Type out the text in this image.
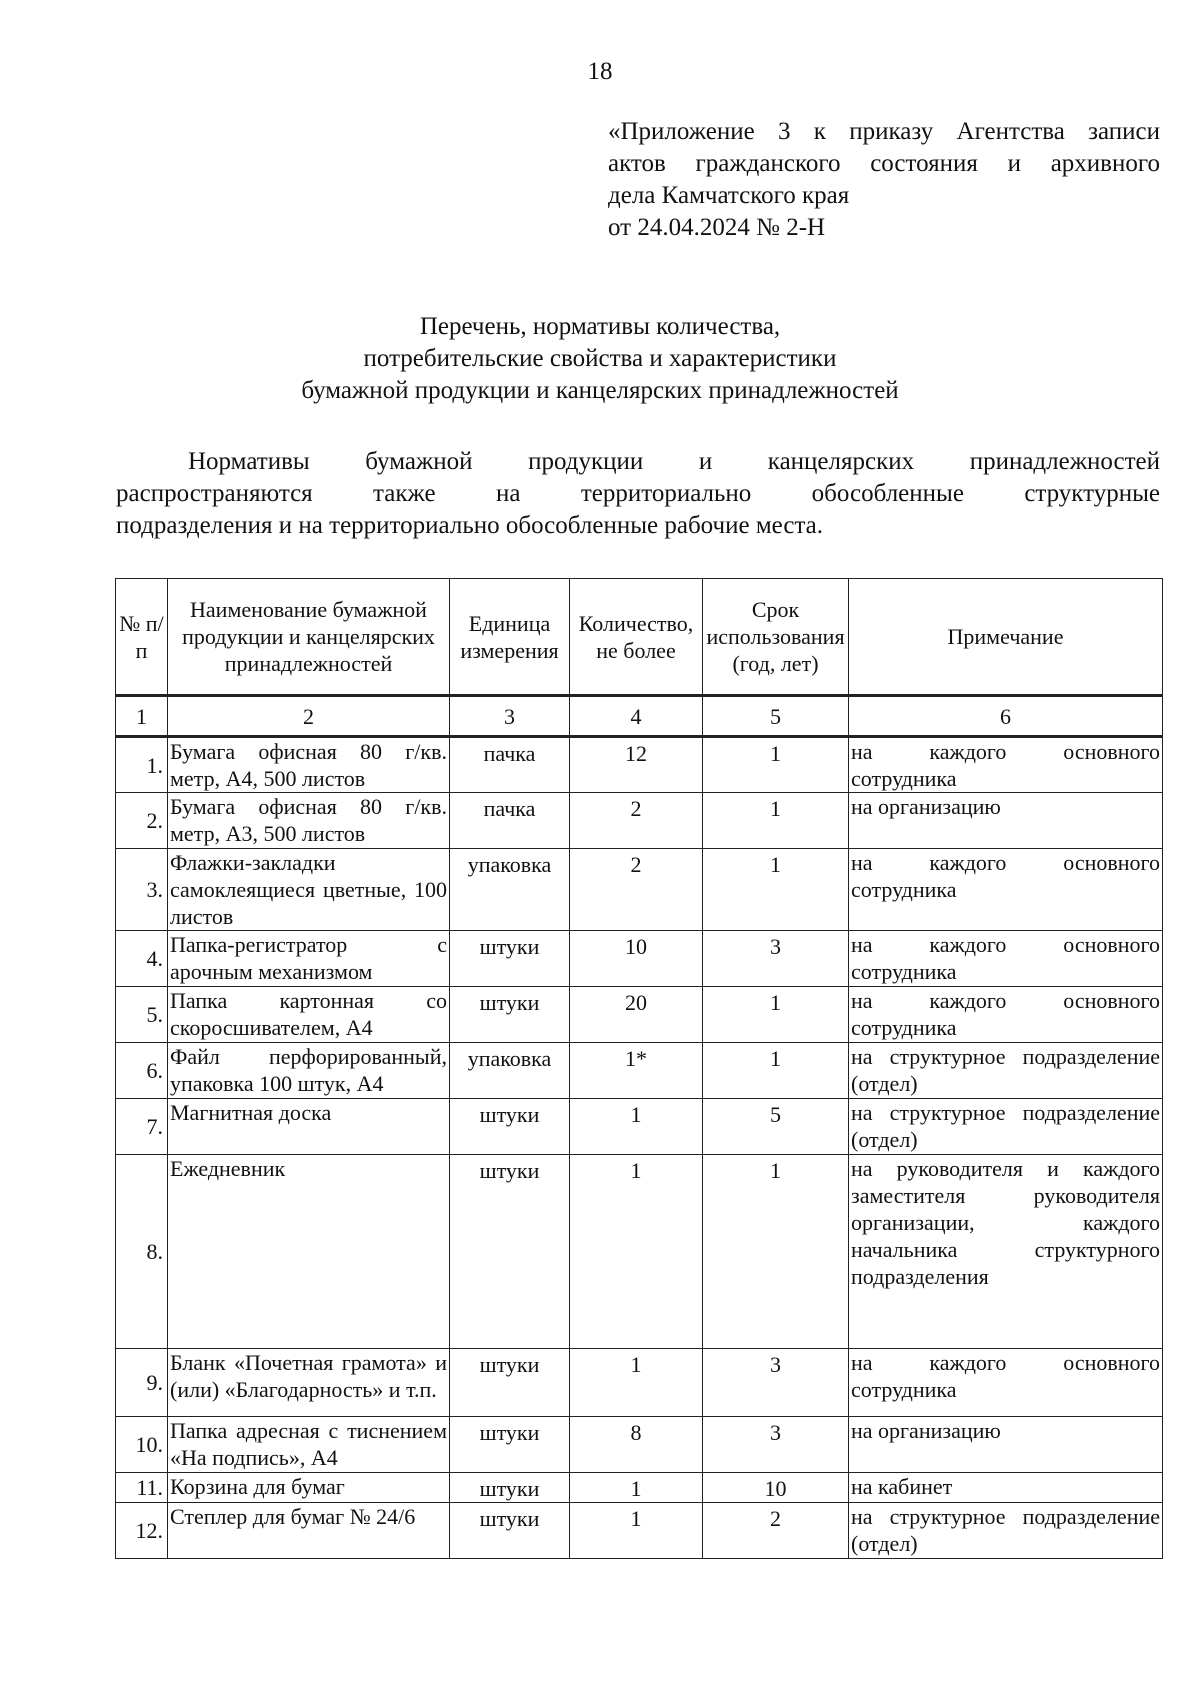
18
«Приложение 3 к приказу Агентства записи
актов гражданского состояния и архивного
дела Камчатского края
от 24.04.2024 № 2-Н
Перечень, нормативы количества,
потребительские свойства и характеристики
бумажной продукции и канцелярских принадлежностей
Нормативы бумажной продукции и канцелярских принадлежностей
распространяются также на территориально обособленные структурные
подразделения и на территориально обособленные рабочие места.
№ п/п	Наименование бумажной продукции и канцелярских принадлежностей	Единица измерения	Количество, не более	Срок использования (год, лет)	Примечание
1	2	3	4	5	6
1.	Бумага офисная 80 г/кв. метр, А4, 500 листов	пачка	12	1	на каждого основного сотрудника
2.	Бумага офисная 80 г/кв. метр, А3, 500 листов	пачка	2	1	на организацию
3.	Флажки-закладки самоклеящиеся цветные, 100 листов	упаковка	2	1	на каждого основного сотрудника
4.	Папка-регистратор с арочным механизмом	штуки	10	3	на каждого основного сотрудника
5.	Папка картонная со скоросшивателем, А4	штуки	20	1	на каждого основного сотрудника
6.	Файл перфорированный, упаковка 100 штук, А4	упаковка	1*	1	на структурное подразделение (отдел)
7.	Магнитная доска	штуки	1	5	на структурное подразделение (отдел)
8.	Ежедневник	штуки	1	1	на руководителя и каждого заместителя руководителя организации, каждого начальника структурного подразделения
9.	Бланк «Почетная грамота» и (или) «Благодарность» и т.п.	штуки	1	3	на каждого основного сотрудника
10.	Папка адресная с тиснением «На подпись», А4	штуки	8	3	на организацию
11.	Корзина для бумаг	штуки	1	10	на кабинет
12.	Степлер для бумаг № 24/6	штуки	1	2	на структурное подразделение (отдел)
